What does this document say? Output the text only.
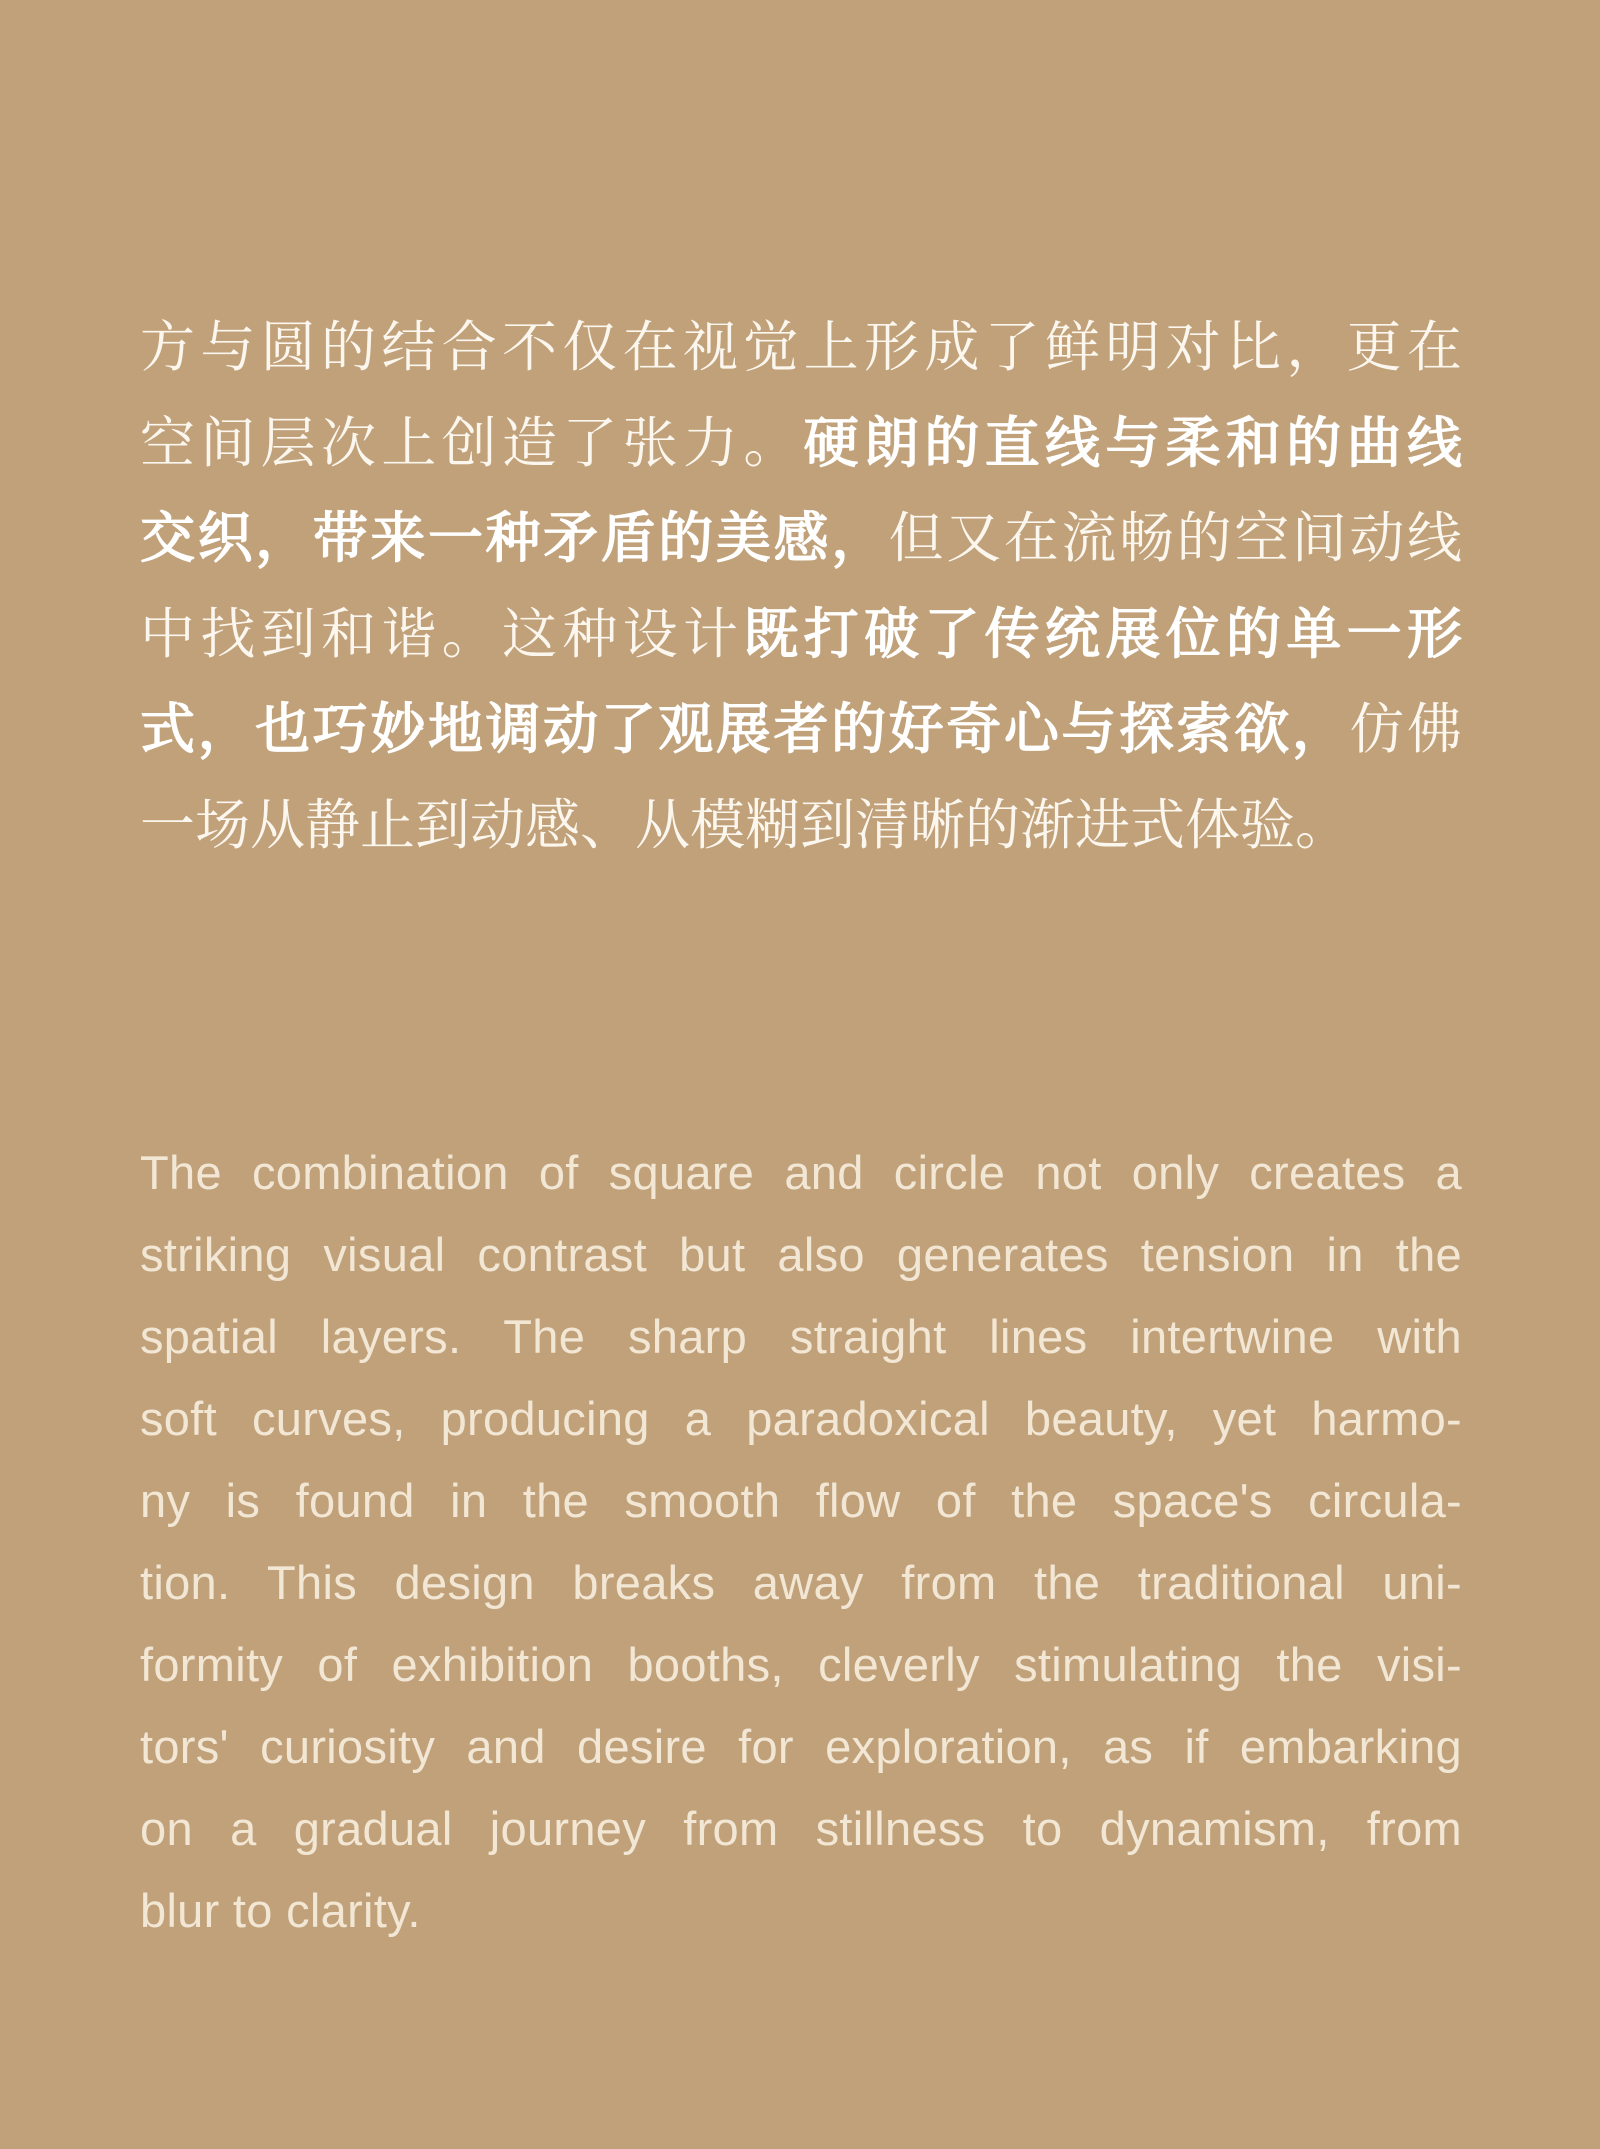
方与圆的结合不仅在视觉上形成了鲜明对比，更在
空间层次上创造了张力。硬朗的直线与柔和的曲线
交织，带来一种矛盾的美感，但又在流畅的空间动线
中找到和谐。这种设计既打破了传统展位的单一形
式，也巧妙地调动了观展者的好奇心与探索欲，仿佛
一场从静止到动感、从模糊到清晰的渐进式体验。
The combination of square and circle not only creates a
striking visual contrast but also generates tension in the
spatial layers. The sharp straight lines intertwine with
soft curves, producing a paradoxical beauty, yet harmo-
ny is found in the smooth flow of the space's circula-
tion. This design breaks away from the traditional uni-
formity of exhibition booths, cleverly stimulating the visi-
tors' curiosity and desire for exploration, as if embarking
on a gradual journey from stillness to dynamism, from
blur to clarity.
